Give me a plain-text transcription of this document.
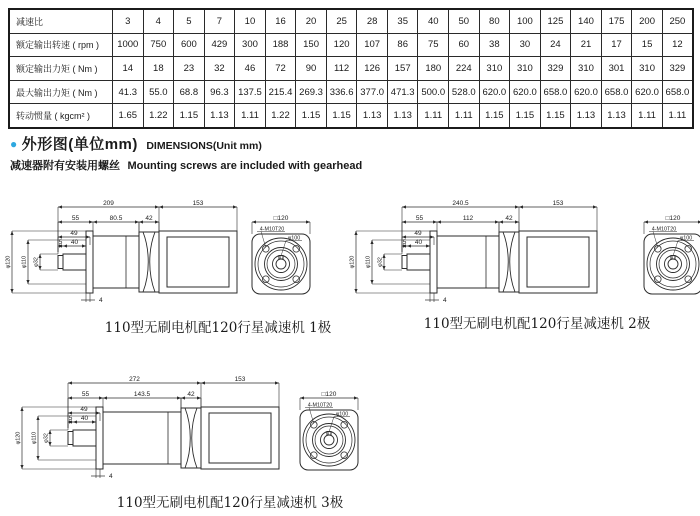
减速比	3	4	5	7	10	16	20	25	28	35	40	50	80	100	125	140	175	200	250
额定输出转速 ( rpm )	1000	750	600	429	300	188	150	120	107	86	75	60	38	30	24	21	17	15	12
额定输出力矩 ( Nm )	14	18	23	32	46	72	90	112	126	157	180	224	310	310	329	310	301	310	329
最大输出力矩 ( Nm )	41.3	55.0	68.8	96.3	137.5	215.4	269.3	336.6	377.0	471.3	500.0	528.0	620.0	620.0	658.0	620.0	658.0	620.0	658.0
转动惯量 ( kgcm² )	1.65	1.22	1.15	1.13	1.11	1.22	1.15	1.15	1.13	1.13	1.11	1.11	1.15	1.15	1.15	1.13	1.13	1.11	1.11
● 外形图(单位mm) DIMENSIONS(Unit mm)
减速器附有安装用螺丝 Mounting screws are included with gearhead
209	153
55	80.5	42
49
5 40
4
φ120 φ110 φ32
□120
4-M10T20
φ100
110型无刷电机配120行星减速机 1极
240.5	153
55	112	42
49
5 40
4
φ120 φ110 φ32
□120
4-M10T20
φ100
110型无刷电机配120行星减速机 2极
272	153
55	143.5	42
49
5 40
4
φ120 φ110 φ32
□120
4-M10T20
φ100
110型无刷电机配120行星减速机 3极
